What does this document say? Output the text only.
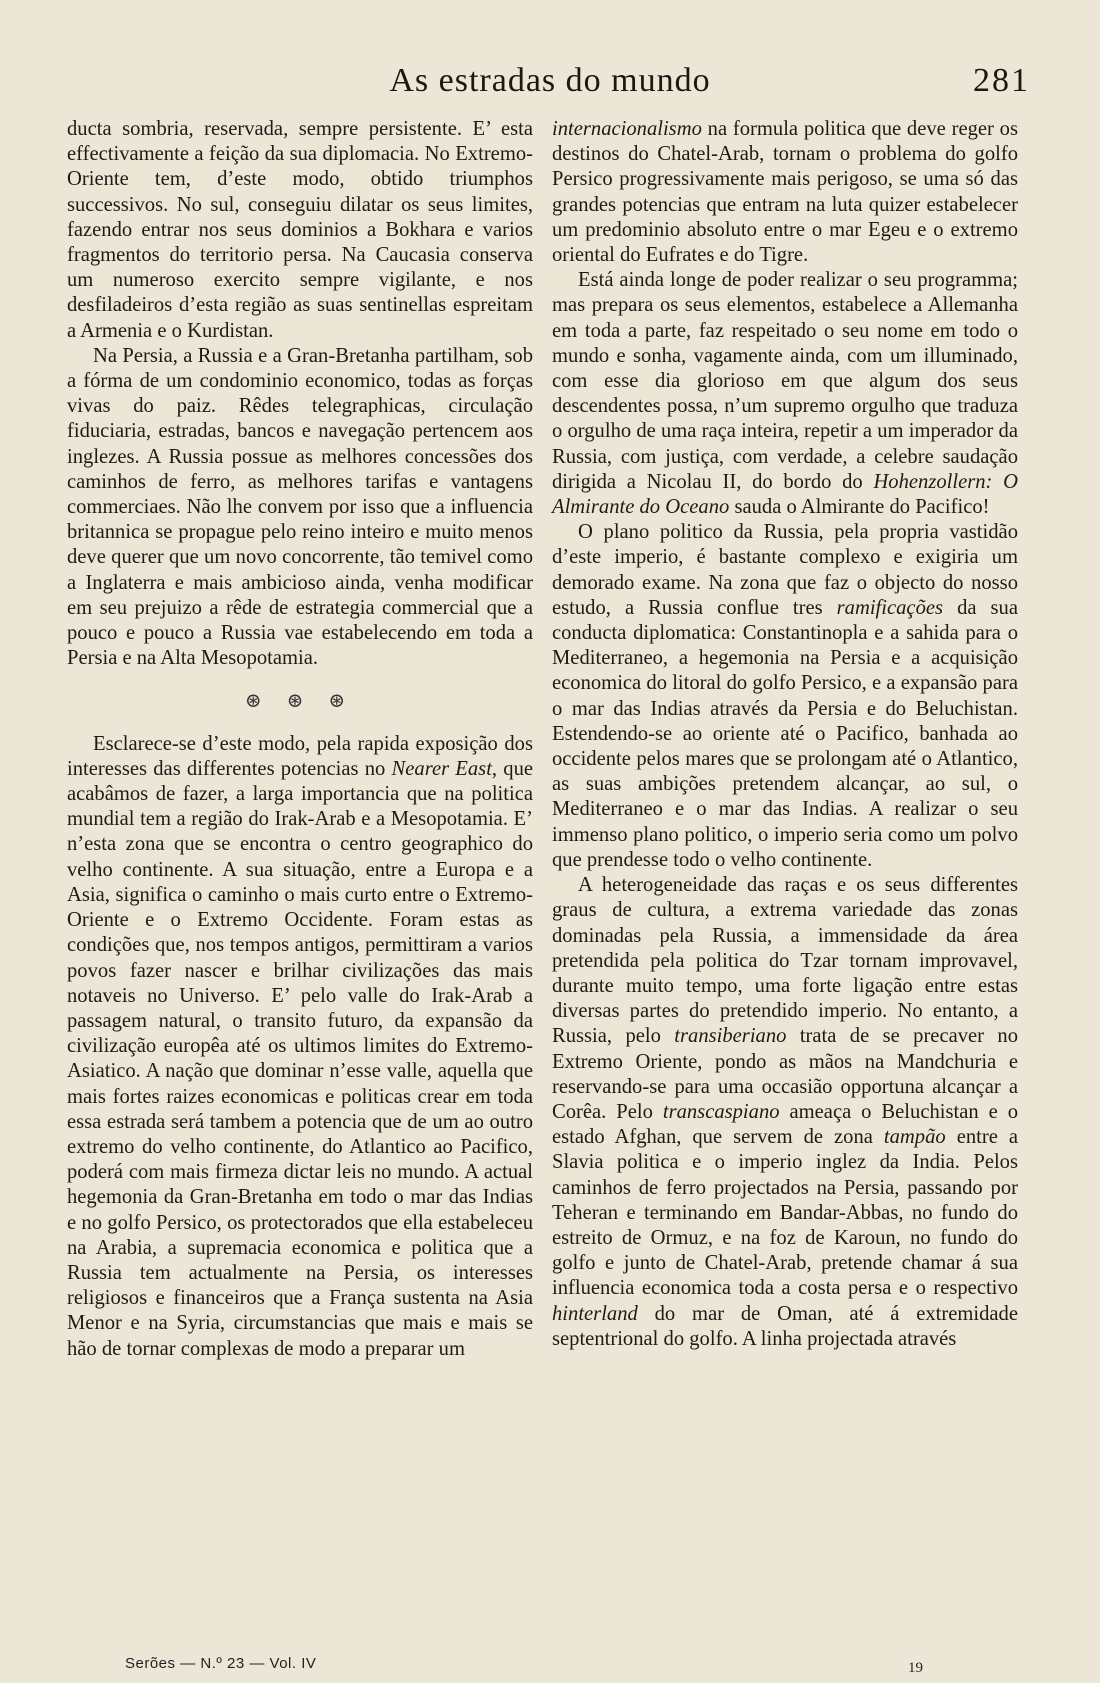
As estradas do mundo	281

ducta sombria, reservada, sempre persistente. E’ esta effectivamente a feição da sua diplomacia. No Extremo-Oriente tem, d’este modo, obtido triumphos successivos. No sul, conseguiu dilatar os seus limites, fazendo entrar nos seus dominios a Bokhara e varios fragmentos do territorio persa. Na Caucasia conserva um numeroso exercito sempre vigilante, e nos desfiladeiros d’esta região as suas sentinellas espreitam a Armenia e o Kurdistan.

Na Persia, a Russia e a Gran-Bretanha partilham, sob a fórma de um condominio economico, todas as forças vivas do paiz. Rêdes telegraphicas, circulação fiduciaria, estradas, bancos e navegação pertencem aos inglezes. A Russia possue as melhores concessões dos caminhos de ferro, as melhores tarifas e vantagens commerciaes. Não lhe convem por isso que a influencia britannica se propague pelo reino inteiro e muito menos deve querer que um novo concorrente, tão temivel como a Inglaterra e mais ambicioso ainda, venha modificar em seu prejuizo a rêde de estrategia commercial que a pouco e pouco a Russia vae estabelecendo em toda a Persia e na Alta Mesopotamia.

⊛ ⊛ ⊛

Esclarece-se d’este modo, pela rapida exposição dos interesses das differentes potencias no Nearer East, que acabâmos de fazer, a larga importancia que na politica mundial tem a região do Irak-Arab e a Mesopotamia. E’ n’esta zona que se encontra o centro geographico do velho continente. A sua situação, entre a Europa e a Asia, significa o caminho o mais curto entre o Extremo-Oriente e o Extremo Occidente. Foram estas as condições que, nos tempos antigos, permittiram a varios povos fazer nascer e brilhar civilizações das mais notaveis no Universo. E’ pelo valle do Irak-Arab a passagem natural, o transito futuro, da expansão da civilização europêa até os ultimos limites do Extremo-Asiatico. A nação que dominar n’esse valle, aquella que mais fortes raizes economicas e politicas crear em toda essa estrada será tambem a potencia que de um ao outro extremo do velho continente, do Atlantico ao Pacifico, poderá com mais firmeza dictar leis no mundo. A actual hegemonia da Gran-Bretanha em todo o mar das Indias e no golfo Persico, os protectorados que ella estabeleceu na Arabia, a supremacia economica e politica que a Russia tem actualmente na Persia, os interesses religiosos e financeiros que a França sustenta na Asia Menor e na Syria, circumstancias que mais e mais se hão de tornar complexas de modo a preparar um

internacionalismo na formula politica que deve reger os destinos do Chatel-Arab, tornam o problema do golfo Persico progressivamente mais perigoso, se uma só das grandes potencias que entram na luta quizer estabelecer um predominio absoluto entre o mar Egeu e o extremo oriental do Eufrates e do Tigre.

Está ainda longe de poder realizar o seu programma; mas prepara os seus elementos, estabelece a Allemanha em toda a parte, faz respeitado o seu nome em todo o mundo e sonha, vagamente ainda, com um illuminado, com esse dia glorioso em que algum dos seus descendentes possa, n’um supremo orgulho que traduza o orgulho de uma raça inteira, repetir a um imperador da Russia, com justiça, com verdade, a celebre saudação dirigida a Nicolau II, do bordo do Hohenzollern: O Almirante do Oceano sauda o Almirante do Pacifico!

O plano politico da Russia, pela propria vastidão d’este imperio, é bastante complexo e exigiria um demorado exame. Na zona que faz o objecto do nosso estudo, a Russia conflue tres ramificações da sua conducta diplomatica: Constantinopla e a sahida para o Mediterraneo, a hegemonia na Persia e a acquisição economica do litoral do golfo Persico, e a expansão para o mar das Indias através da Persia e do Beluchistan. Estendendo-se ao oriente até o Pacifico, banhada ao occidente pelos mares que se prolongam até o Atlantico, as suas ambições pretendem alcançar, ao sul, o Mediterraneo e o mar das Indias. A realizar o seu immenso plano politico, o imperio seria como um polvo que prendesse todo o velho continente.

A heterogeneidade das raças e os seus differentes graus de cultura, a extrema variedade das zonas dominadas pela Russia, a immensidade da área pretendida pela politica do Tzar tornam improvavel, durante muito tempo, uma forte ligação entre estas diversas partes do pretendido imperio. No entanto, a Russia, pelo transiberiano trata de se precaver no Extremo Oriente, pondo as mãos na Mandchuria e reservando-se para uma occasião opportuna alcançar a Corêa. Pelo transcaspiano ameaça o Beluchistan e o estado Afghan, que servem de zona tampão entre a Slavia politica e o imperio inglez da India. Pelos caminhos de ferro projectados na Persia, passando por Teheran e terminando em Bandar-Abbas, no fundo do estreito de Ormuz, e na foz de Karoun, no fundo do golfo e junto de Chatel-Arab, pretende chamar á sua influencia economica toda a costa persa e o respectivo hinterland do mar de Oman, até á extremidade septentrional do golfo. A linha projectada através

Serões — N.º 23 — Vol. IV	19
